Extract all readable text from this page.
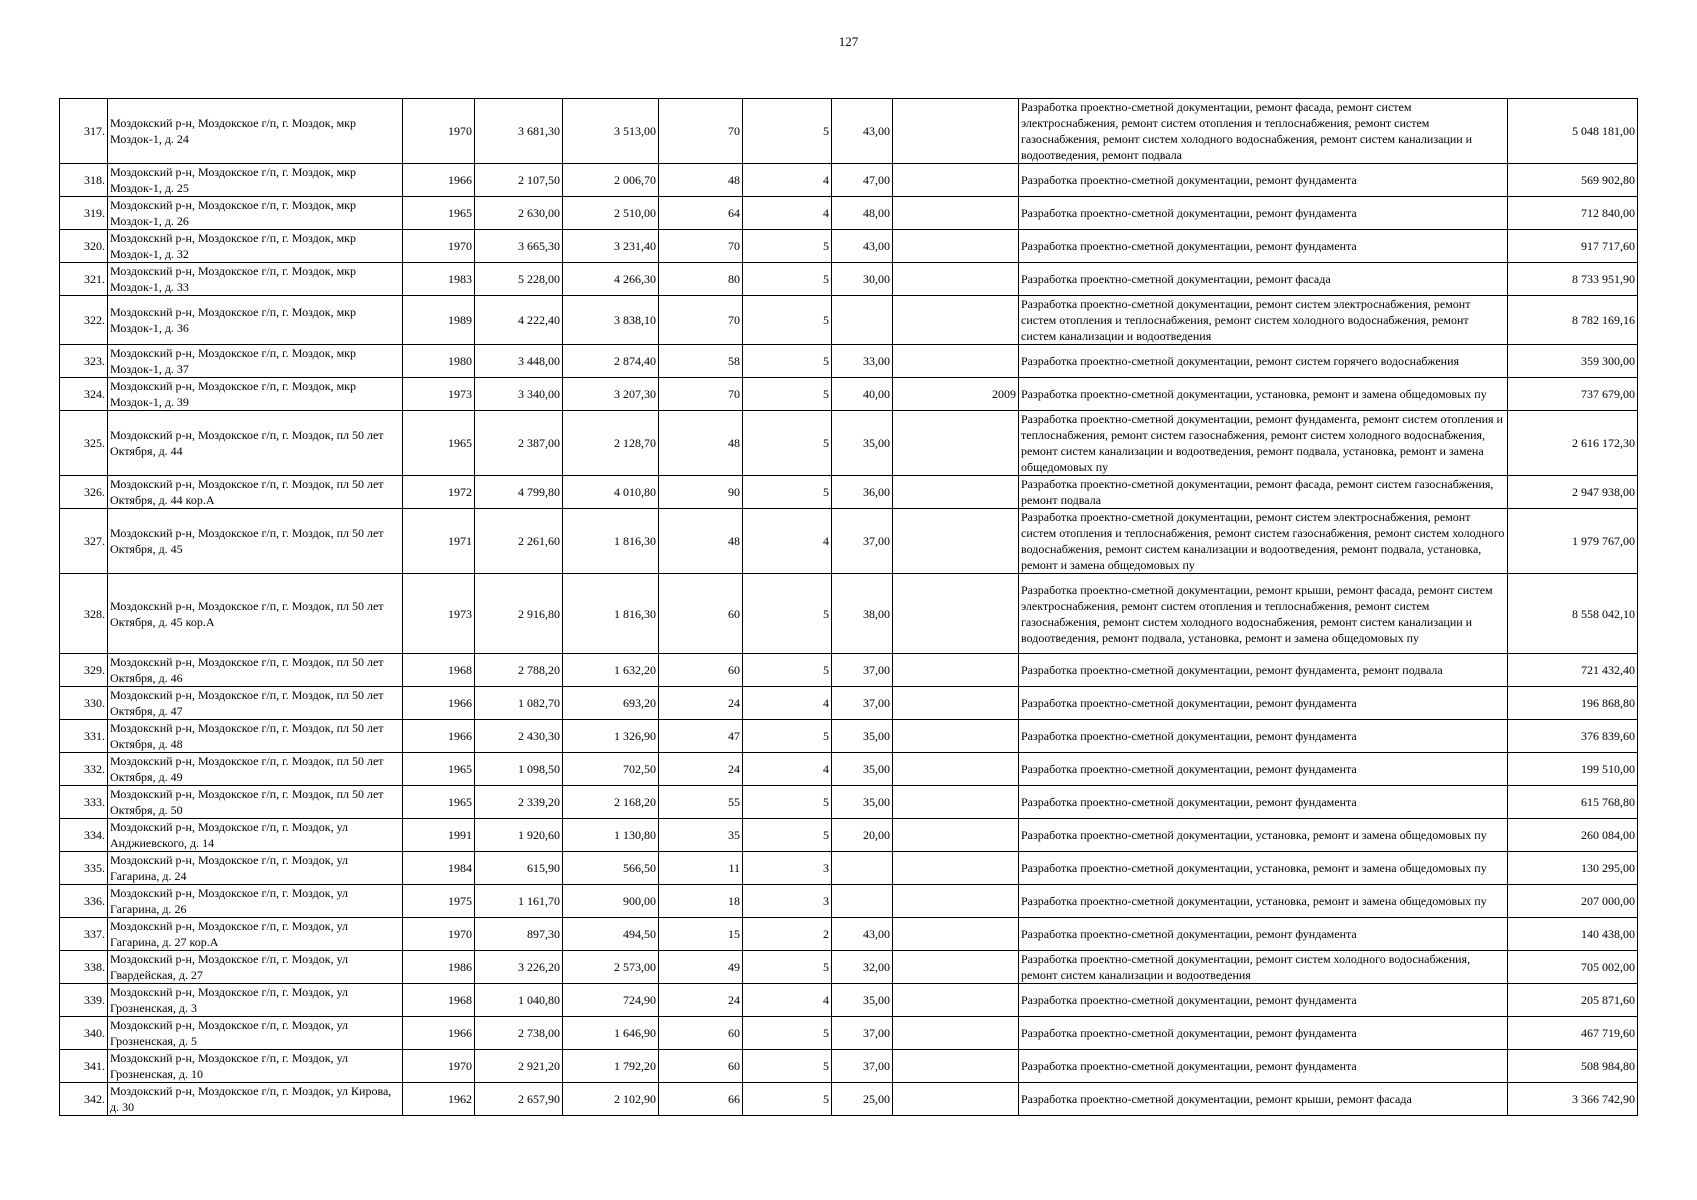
127
317.	Моздокский р-н, Моздокское г/п, г. Моздок, мкр Моздок-1, д. 24	1970	3 681,30	3 513,00	70	5	43,00		Разработка проектно-сметной документации, ремонт фасада, ремонт систем электроснабжения, ремонт систем отопления и теплоснабжения, ремонт систем газоснабжения, ремонт систем холодного водоснабжения, ремонт систем канализации и водоотведения, ремонт подвала	5 048 181,00
318.	Моздокский р-н, Моздокское г/п, г. Моздок, мкр Моздок-1, д. 25	1966	2 107,50	2 006,70	48	4	47,00		Разработка проектно-сметной документации, ремонт фундамента	569 902,80
319.	Моздокский р-н, Моздокское г/п, г. Моздок, мкр Моздок-1, д. 26	1965	2 630,00	2 510,00	64	4	48,00		Разработка проектно-сметной документации, ремонт фундамента	712 840,00
320.	Моздокский р-н, Моздокское г/п, г. Моздок, мкр Моздок-1, д. 32	1970	3 665,30	3 231,40	70	5	43,00		Разработка проектно-сметной документации, ремонт фундамента	917 717,60
321.	Моздокский р-н, Моздокское г/п, г. Моздок, мкр Моздок-1, д. 33	1983	5 228,00	4 266,30	80	5	30,00		Разработка проектно-сметной документации, ремонт фасада	8 733 951,90
322.	Моздокский р-н, Моздокское г/п, г. Моздок, мкр Моздок-1, д. 36	1989	4 222,40	3 838,10	70	5			Разработка проектно-сметной документации, ремонт систем электроснабжения, ремонт систем отопления и теплоснабжения, ремонт систем холодного водоснабжения, ремонт систем канализации и водоотведения	8 782 169,16
323.	Моздокский р-н, Моздокское г/п, г. Моздок, мкр Моздок-1, д. 37	1980	3 448,00	2 874,40	58	5	33,00		Разработка проектно-сметной документации, ремонт систем горячего водоснабжения	359 300,00
324.	Моздокский р-н, Моздокское г/п, г. Моздок, мкр Моздок-1, д. 39	1973	3 340,00	3 207,30	70	5	40,00	2009	Разработка проектно-сметной документации, установка, ремонт и замена общедомовых пу	737 679,00
325.	Моздокский р-н, Моздокское г/п, г. Моздок, пл 50 лет Октября, д. 44	1965	2 387,00	2 128,70	48	5	35,00		Разработка проектно-сметной документации, ремонт фундамента, ремонт систем отопления и теплоснабжения, ремонт систем газоснабжения, ремонт систем холодного водоснабжения, ремонт систем канализации и водоотведения, ремонт подвала, установка, ремонт и замена общедомовых пу	2 616 172,30
326.	Моздокский р-н, Моздокское г/п, г. Моздок, пл 50 лет Октября, д. 44 кор.А	1972	4 799,80	4 010,80	90	5	36,00		Разработка проектно-сметной документации, ремонт фасада, ремонт систем газоснабжения, ремонт подвала	2 947 938,00
327.	Моздокский р-н, Моздокское г/п, г. Моздок, пл 50 лет Октября, д. 45	1971	2 261,60	1 816,30	48	4	37,00		Разработка проектно-сметной документации, ремонт систем электроснабжения, ремонт систем отопления и теплоснабжения, ремонт систем газоснабжения, ремонт систем холодного водоснабжения, ремонт систем канализации и водоотведения, ремонт подвала, установка, ремонт и замена общедомовых пу	1 979 767,00
328.	Моздокский р-н, Моздокское г/п, г. Моздок, пл 50 лет Октября, д. 45 кор.А	1973	2 916,80	1 816,30	60	5	38,00		Разработка проектно-сметной документации, ремонт крыши, ремонт фасада, ремонт систем электроснабжения, ремонт систем отопления и теплоснабжения, ремонт систем газоснабжения, ремонт систем холодного водоснабжения, ремонт систем канализации и водоотведения, ремонт подвала, установка, ремонт и замена общедомовых пу	8 558 042,10
329.	Моздокский р-н, Моздокское г/п, г. Моздок, пл 50 лет Октября, д. 46	1968	2 788,20	1 632,20	60	5	37,00		Разработка проектно-сметной документации, ремонт фундамента, ремонт подвала	721 432,40
330.	Моздокский р-н, Моздокское г/п, г. Моздок, пл 50 лет Октября, д. 47	1966	1 082,70	693,20	24	4	37,00		Разработка проектно-сметной документации, ремонт фундамента	196 868,80
331.	Моздокский р-н, Моздокское г/п, г. Моздок, пл 50 лет Октября, д. 48	1966	2 430,30	1 326,90	47	5	35,00		Разработка проектно-сметной документации, ремонт фундамента	376 839,60
332.	Моздокский р-н, Моздокское г/п, г. Моздок, пл 50 лет Октября, д. 49	1965	1 098,50	702,50	24	4	35,00		Разработка проектно-сметной документации, ремонт фундамента	199 510,00
333.	Моздокский р-н, Моздокское г/п, г. Моздок, пл 50 лет Октября, д. 50	1965	2 339,20	2 168,20	55	5	35,00		Разработка проектно-сметной документации, ремонт фундамента	615 768,80
334.	Моздокский р-н, Моздокское г/п, г. Моздок, ул Анджиевского, д. 14	1991	1 920,60	1 130,80	35	5	20,00		Разработка проектно-сметной документации, установка, ремонт и замена общедомовых пу	260 084,00
335.	Моздокский р-н, Моздокское г/п, г. Моздок, ул Гагарина, д. 24	1984	615,90	566,50	11	3			Разработка проектно-сметной документации, установка, ремонт и замена общедомовых пу	130 295,00
336.	Моздокский р-н, Моздокское г/п, г. Моздок, ул Гагарина, д. 26	1975	1 161,70	900,00	18	3			Разработка проектно-сметной документации, установка, ремонт и замена общедомовых пу	207 000,00
337.	Моздокский р-н, Моздокское г/п, г. Моздок, ул Гагарина, д. 27 кор.А	1970	897,30	494,50	15	2	43,00		Разработка проектно-сметной документации, ремонт фундамента	140 438,00
338.	Моздокский р-н, Моздокское г/п, г. Моздок, ул Гвардейская, д. 27	1986	3 226,20	2 573,00	49	5	32,00		Разработка проектно-сметной документации, ремонт систем холодного водоснабжения, ремонт систем канализации и водоотведения	705 002,00
339.	Моздокский р-н, Моздокское г/п, г. Моздок, ул Грозненская, д. 3	1968	1 040,80	724,90	24	4	35,00		Разработка проектно-сметной документации, ремонт фундамента	205 871,60
340.	Моздокский р-н, Моздокское г/п, г. Моздок, ул Грозненская, д. 5	1966	2 738,00	1 646,90	60	5	37,00		Разработка проектно-сметной документации, ремонт фундамента	467 719,60
341.	Моздокский р-н, Моздокское г/п, г. Моздок, ул Грозненская, д. 10	1970	2 921,20	1 792,20	60	5	37,00		Разработка проектно-сметной документации, ремонт фундамента	508 984,80
342.	Моздокский р-н, Моздокское г/п, г. Моздок, ул Кирова, д. 30	1962	2 657,90	2 102,90	66	5	25,00		Разработка проектно-сметной документации, ремонт крыши, ремонт фасада	3 366 742,90
